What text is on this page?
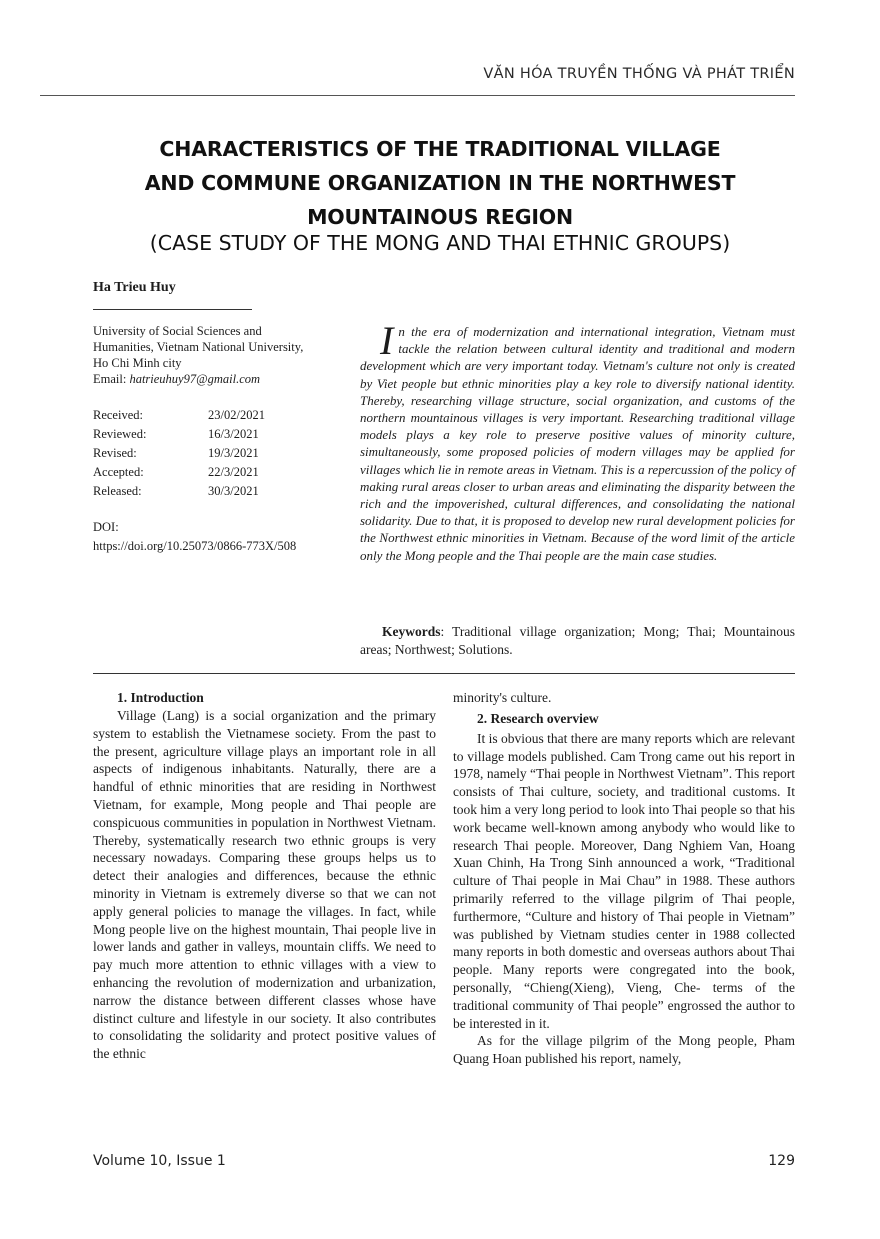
VĂN HÓA TRUYỀN THỐNG VÀ PHÁT TRIỂN
CHARACTERISTICS OF THE TRADITIONAL VILLAGE
AND COMMUNE ORGANIZATION IN THE NORTHWEST
MOUNTAINOUS REGION
(CASE STUDY OF THE MONG AND THAI ETHNIC GROUPS)
Ha Trieu Huy
University of Social Sciences and
Humanities, Vietnam National University,
Ho Chi Minh city
Email: hatrieuhuy97@gmail.com
Received:	23/02/2021
Reviewed:	16/3/2021
Revised:	19/3/2021
Accepted:	22/3/2021
Released:	30/3/2021
DOI:
https://doi.org/10.25073/0866-773X/508
In the era of modernization and international integration, Vietnam must tackle the relation between cultural identity and traditional and modern development which are very important today. Vietnam's culture not only is created by Viet people but ethnic minorities play a key role to diversify national identity. Thereby, researching village structure, social organization, and customs of the northern mountainous villages is very important. Researching traditional village models plays a key role to preserve positive values of minority culture, simultaneously, some proposed policies of modern villages may be applied for villages which lie in remote areas in Vietnam. This is a repercussion of the policy of making rural areas closer to urban areas and eliminating the disparity between the rich and the impoverished, cultural differences, and consolidating the national solidarity. Due to that, it is proposed to develop new rural development policies for the Northwest ethnic minorities in Vietnam. Because of the word limit of the article only the Mong people and the Thai people are the main case studies.
Keywords: Traditional village organization; Mong; Thai; Mountainous areas; Northwest; Solutions.
1. Introduction

Village (Lang) is a social organization and the primary system to establish the Vietnamese society. From the past to the present, agriculture village plays an important role in all aspects of indigenous inhabitants. Naturally, there are a handful of ethnic minorities that are residing in Northwest Vietnam, for example, Mong people and Thai people are conspicuous communities in population in Northwest Vietnam. Thereby, systematically research two ethnic groups is very necessary nowadays. Comparing these groups helps us to detect their analogies and differences, because the ethnic minority in Vietnam is extremely diverse so that we can not apply general policies to manage the villages. In fact, while Mong people live on the highest mountain, Thai people live in lower lands and gather in valleys, mountain cliffs. We need to pay much more attention to ethnic villages with a view to enhancing the revolution of modernization and urbanization, narrow the distance between different classes whose have distinct culture and lifestyle in our society. It also contributes to consolidating the solidarity and protect positive values of the ethnic

minority's culture.

2. Research overview

It is obvious that there are many reports which are relevant to village models published. Cam Trong came out his report in 1978, namely “Thai people in Northwest Vietnam”. This report consists of Thai culture, society, and traditional customs. It took him a very long period to look into Thai people so that his work became well-known among anybody who would like to research Thai people. Moreover, Dang Nghiem Van, Hoang Xuan Chinh, Ha Trong Sinh announced a work, “Traditional culture of Thai people in Mai Chau” in 1988. These authors primarily referred to the village pilgrim of Thai people, furthermore, “Culture and history of Thai people in Vietnam” was published by Vietnam studies center in 1988 collected many reports in both domestic and overseas authors about Thai people. Many reports were congregated into the book, personally, “Chieng(Xieng), Vieng, Che- terms of the traditional community of Thai people” engrossed the author to be interested in it.

As for the village pilgrim of the Mong people, Pham Quang Hoan published his report, namely,

Volume 10, Issue 1	129
